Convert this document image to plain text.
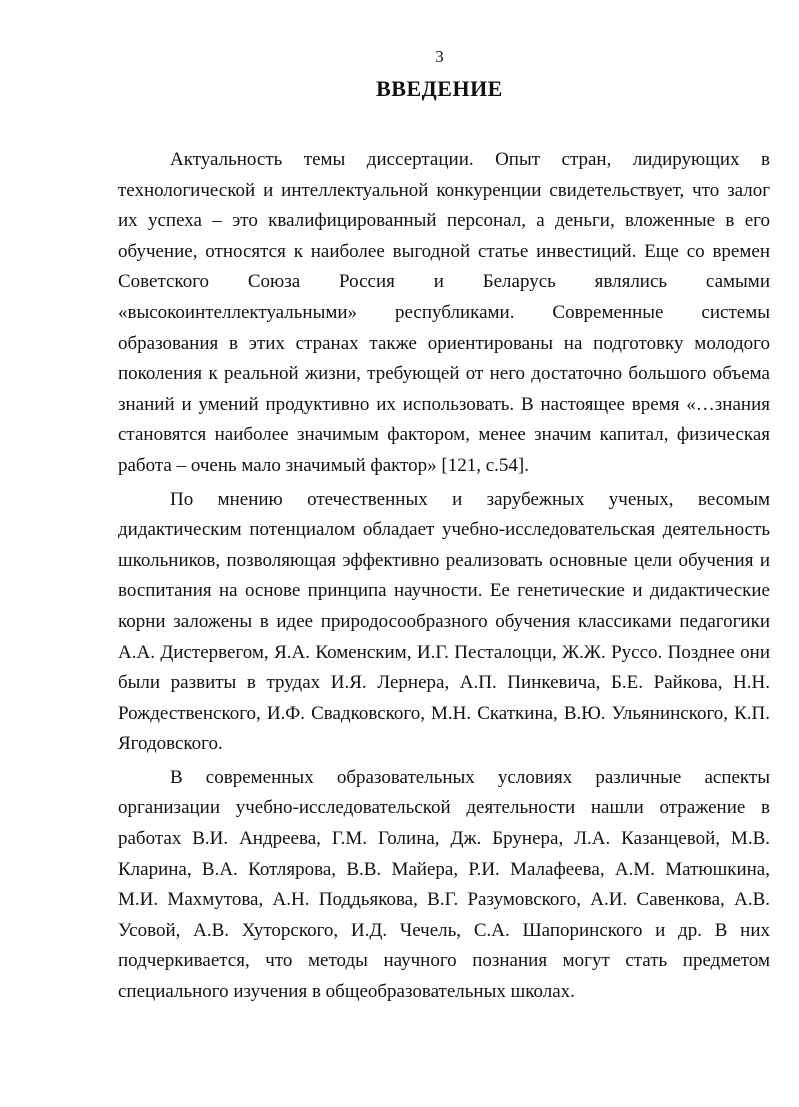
3
ВВЕДЕНИЕ

Актуальность темы диссертации. Опыт стран, лидирующих в технологической и интеллектуальной конкуренции свидетельствует, что залог их успеха – это квалифицированный персонал, а деньги, вложенные в его обучение, относятся к наиболее выгодной статье инвестиций. Еще со времен Советского Союза Россия и Беларусь являлись самыми «высокоинтеллектуальными» республиками. Современные системы образования в этих странах также ориентированы на подготовку молодого поколения к реальной жизни, требующей от него достаточно большого объема знаний и умений продуктивно их использовать. В настоящее время «…знания становятся наиболее значимым фактором, менее значим капитал, физическая работа – очень мало значимый фактор» [121, с.54].

По мнению отечественных и зарубежных ученых, весомым дидактическим потенциалом обладает учебно-исследовательская деятельность школьников, позволяющая эффективно реализовать основные цели обучения и воспитания на основе принципа научности. Ее генетические и дидактические корни заложены в идее природосообразного обучения классиками педагогики А.А. Дистервегом, Я.А. Коменским, И.Г. Песталоцци, Ж.Ж. Руссо. Позднее они были развиты в трудах И.Я. Лернера, А.П. Пинкевича, Б.Е. Райкова, Н.Н. Рождественского, И.Ф. Свадковского, М.Н. Скаткина, В.Ю. Ульянинского, К.П. Ягодовского.

В современных образовательных условиях различные аспекты организации учебно-исследовательской деятельности нашли отражение в работах В.И. Андреева, Г.М. Голина, Дж. Брунера, Л.А. Казанцевой, М.В. Кларина, В.А. Котлярова, В.В. Майера, Р.И. Малафеева, А.М. Матюшкина, М.И. Махмутова, А.Н. Поддьякова, В.Г. Разумовского, А.И. Савенкова, А.В. Усовой, А.В. Хуторского, И.Д. Чечель, С.А. Шапоринского и др. В них подчеркивается, что методы научного познания могут стать предметом специального изучения в общеобразовательных школах.
